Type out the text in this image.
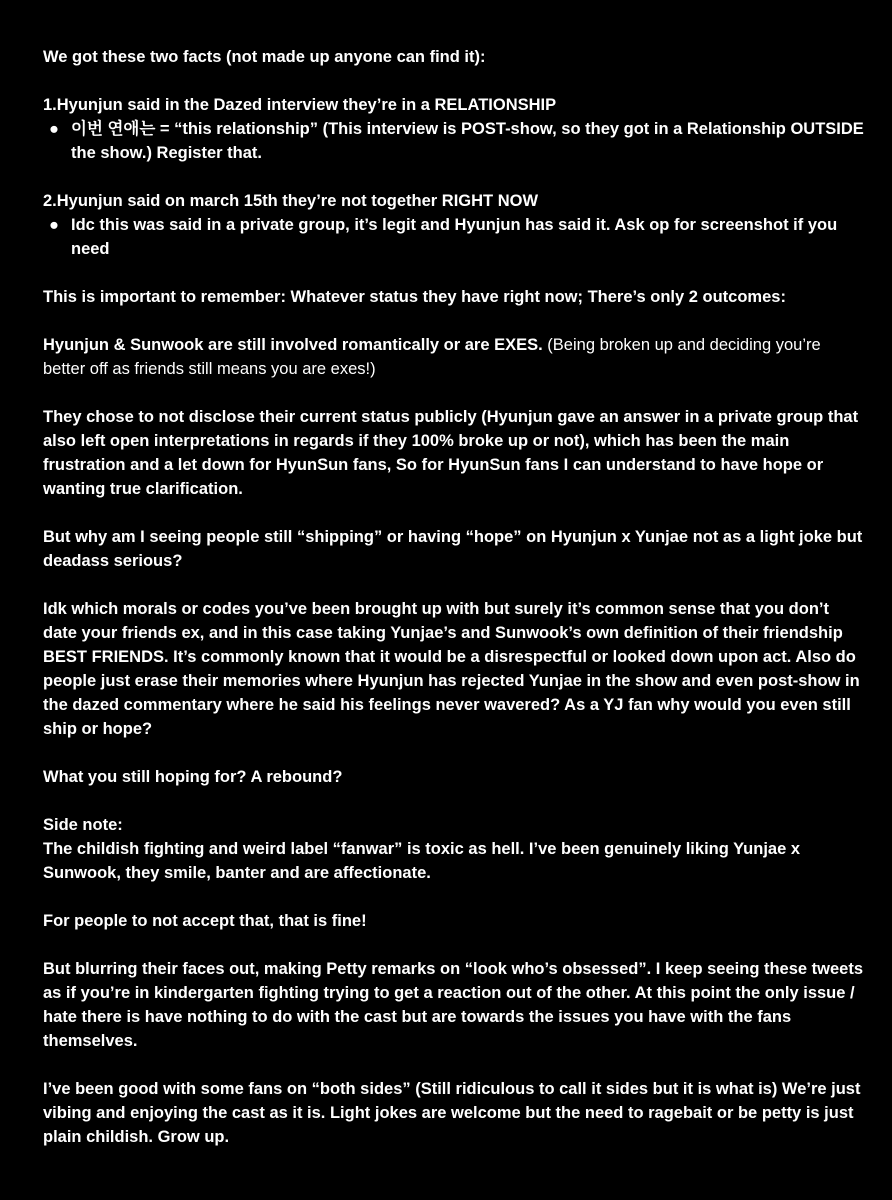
We got these two facts (not made up anyone can find it):

1.Hyunjun said in the Dazed interview they’re in a RELATIONSHIP

● 이번 연애는 = “this relationship” (This interview is POST-show, so they got in a Relationship OUTSIDE the show.) Register that.

2.Hyunjun said on march 15th they’re not together RIGHT NOW

● Idc this was said in a private group, it’s legit and Hyunjun has said it. Ask op for screenshot if you need

This is important to remember: Whatever status they have right now; There’s only 2 outcomes:

Hyunjun & Sunwook are still involved romantically or are EXES. (Being broken up and deciding you’re better off as friends still means you are exes!)

They chose to not disclose their current status publicly (Hyunjun gave an answer in a private group that also left open interpretations in regards if they 100% broke up or not), which has been the main frustration and a let down for HyunSun fans, So for HyunSun fans I can understand to have hope or wanting true clarification.

But why am I seeing people still “shipping” or having “hope” on Hyunjun x Yunjae not as a light joke but deadass serious?

Idk which morals or codes you’ve been brought up with but surely it’s common sense that you don’t date your friends ex, and in this case taking Yunjae’s and Sunwook’s own definition of their friendship BEST FRIENDS. It’s commonly known that it would be a disrespectful or looked down upon act. Also do people just erase their memories where Hyunjun has rejected Yunjae in the show and even post-show in the dazed commentary where he said his feelings never wavered? As a YJ fan why would you even still ship or hope?

What you still hoping for? A rebound?

Side note:
The childish fighting and weird label “fanwar” is toxic as hell. I’ve been genuinely liking Yunjae x Sunwook, they smile, banter and are affectionate.

For people to not accept that, that is fine!

But blurring their faces out, making Petty remarks on “look who’s obsessed”. I keep seeing these tweets as if you’re in kindergarten fighting trying to get a reaction out of the other. At this point the only issue / hate there is have nothing to do with the cast but are towards the issues you have with the fans themselves.

I’ve been good with some fans on “both sides” (Still ridiculous to call it sides but it is what is) We’re just vibing and enjoying the cast as it is. Light jokes are welcome but the need to ragebait or be petty is just plain childish. Grow up.
